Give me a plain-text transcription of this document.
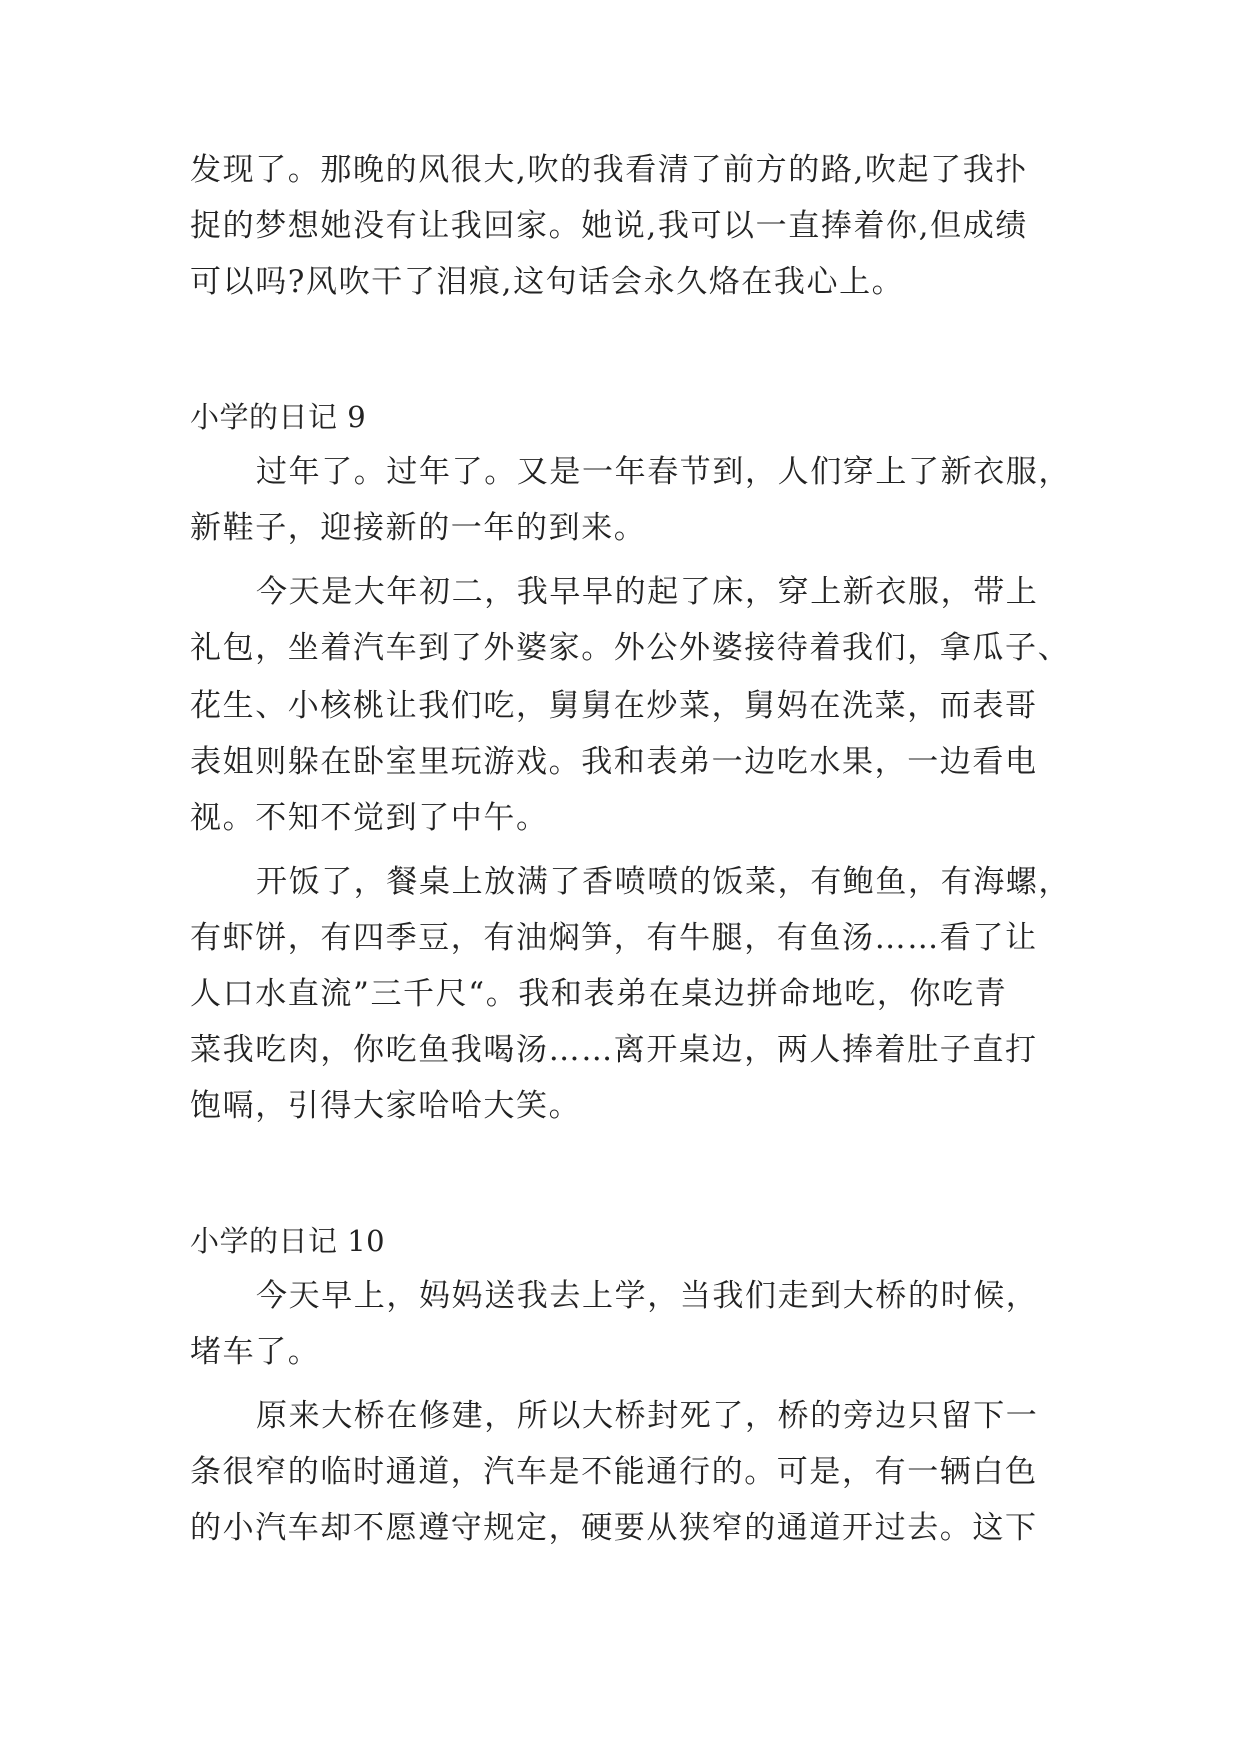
发现了。那晚的风很大,吹的我看清了前方的路,吹起了我扑
捉的梦想她没有让我回家。她说,我可以一直捧着你,但成绩
可以吗?风吹干了泪痕,这句话会永久烙在我心上。
小学的日记 9
过年了。过年了。又是一年春节到，人们穿上了新衣服，
新鞋子，迎接新的一年的到来。
今天是大年初二，我早早的起了床，穿上新衣服，带上
礼包，坐着汽车到了外婆家。外公外婆接待着我们，拿瓜子、
花生、小核桃让我们吃，舅舅在炒菜，舅妈在洗菜，而表哥
表姐则躲在卧室里玩游戏。我和表弟一边吃水果，一边看电
视。不知不觉到了中午。
开饭了，餐桌上放满了香喷喷的饭菜，有鲍鱼，有海螺，
有虾饼，有四季豆，有油焖笋，有牛腿，有鱼汤……看了让
人口水直流”三千尺“。我和表弟在桌边拼命地吃，你吃青
菜我吃肉，你吃鱼我喝汤……离开桌边，两人捧着肚子直打
饱嗝，引得大家哈哈大笑。
小学的日记 10
今天早上，妈妈送我去上学，当我们走到大桥的时候，
堵车了。
原来大桥在修建，所以大桥封死了，桥的旁边只留下一
条很窄的临时通道，汽车是不能通行的。可是，有一辆白色
的小汽车却不愿遵守规定，硬要从狭窄的通道开过去。这下
